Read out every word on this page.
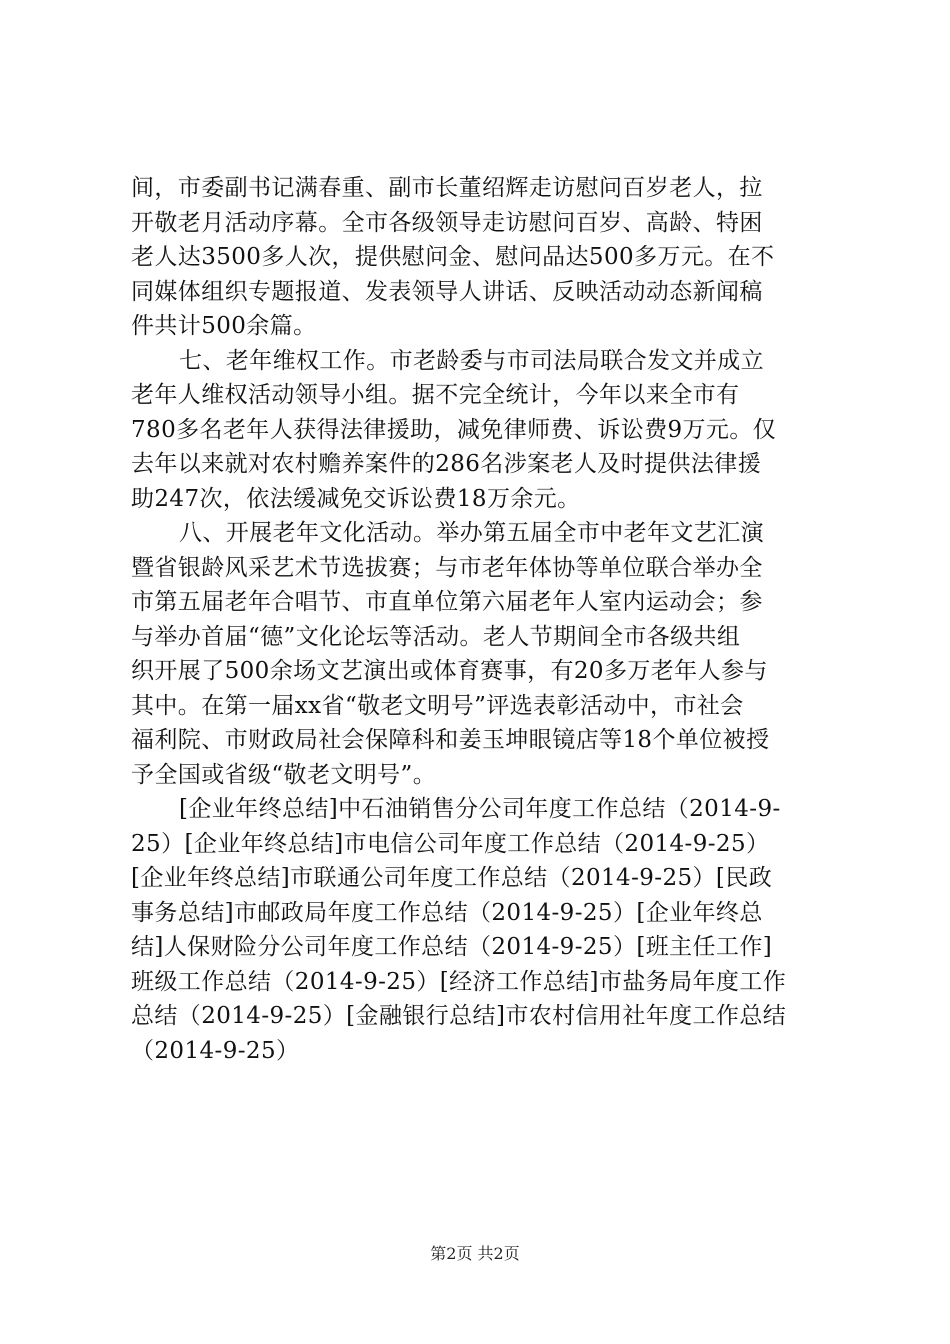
间，市委副书记满春重、副市长董绍辉走访慰问百岁老人，拉
开敬老月活动序幕。全市各级领导走访慰问百岁、高龄、特困
老人达3500多人次，提供慰问金、慰问品达500多万元。在不
同媒体组织专题报道、发表领导人讲话、反映活动动态新闻稿
件共计500余篇。
七、老年维权工作。市老龄委与市司法局联合发文并成立
老年人维权活动领导小组。据不完全统计，今年以来全市有
780多名老年人获得法律援助，减免律师费、诉讼费9万元。仅
去年以来就对农村赡养案件的286名涉案老人及时提供法律援
助247次，依法缓减免交诉讼费18万余元。
八、开展老年文化活动。举办第五届全市中老年文艺汇演
暨省银龄风采艺术节选拔赛；与市老年体协等单位联合举办全
市第五届老年合唱节、市直单位第六届老年人室内运动会；参
与举办首届“德”文化论坛等活动。老人节期间全市各级共组
织开展了500余场文艺演出或体育赛事，有20多万老年人参与
其中。在第一届xx省“敬老文明号”评选表彰活动中，市社会
福利院、市财政局社会保障科和姜玉坤眼镜店等18个单位被授
予全国或省级“敬老文明号”。
[企业年终总结]中石油销售分公司年度工作总结（2014-9-
25）[企业年终总结]市电信公司年度工作总结（2014-9-25）
[企业年终总结]市联通公司年度工作总结（2014-9-25）[民政
事务总结]市邮政局年度工作总结（2014-9-25）[企业年终总
结]人保财险分公司年度工作总结（2014-9-25）[班主任工作]
班级工作总结（2014-9-25）[经济工作总结]市盐务局年度工作
总结（2014-9-25）[金融银行总结]市农村信用社年度工作总结
（2014-9-25）
第2页 共2页
